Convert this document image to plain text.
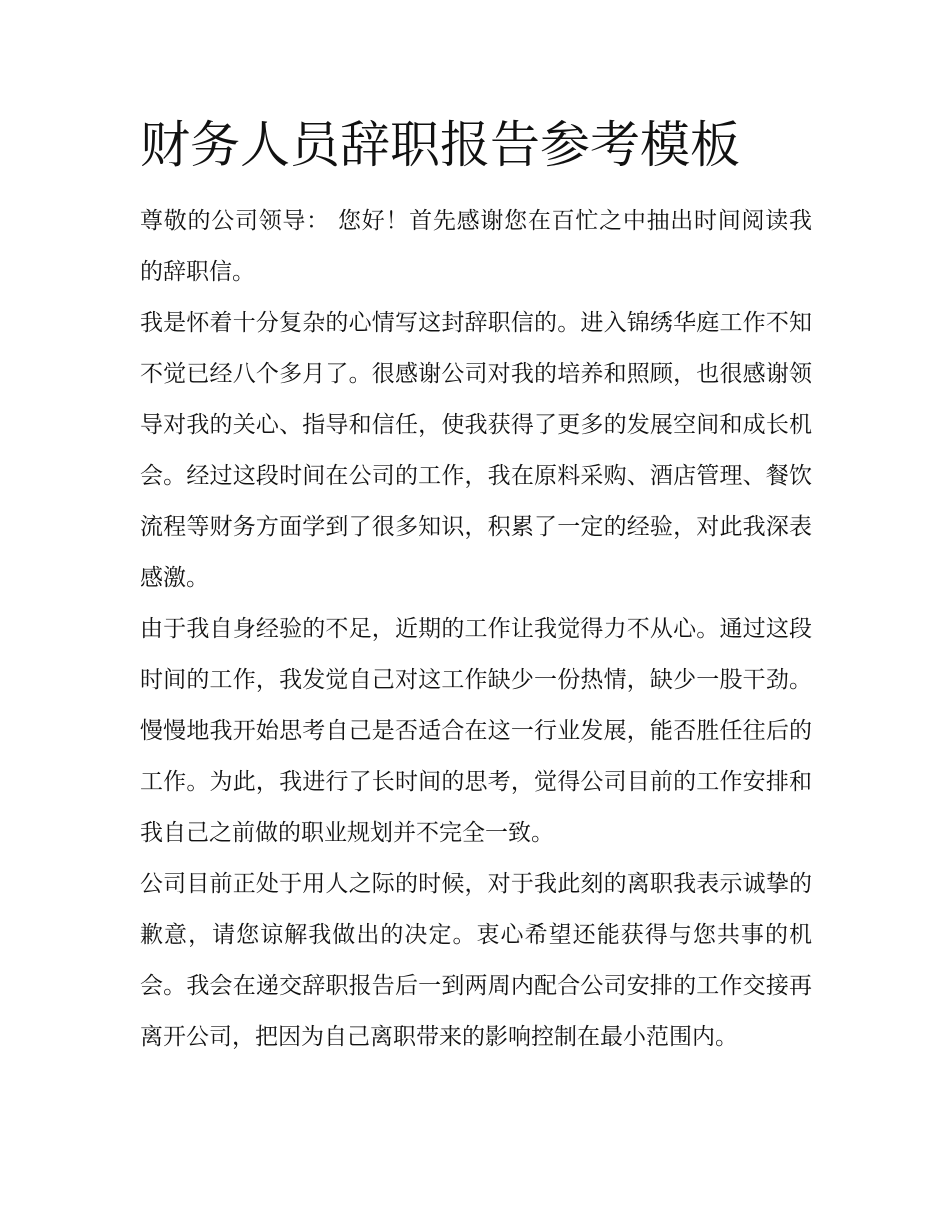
财务人员辞职报告参考模板

尊敬的公司领导： 您好！首先感谢您在百忙之中抽出时间阅读我的辞职信。

我是怀着十分复杂的心情写这封辞职信的。进入锦绣华庭工作不知不觉已经八个多月了。很感谢公司对我的培养和照顾，也很感谢领导对我的关心、指导和信任，使我获得了更多的发展空间和成长机会。经过这段时间在公司的工作，我在原料采购、酒店管理、餐饮流程等财务方面学到了很多知识，积累了一定的经验，对此我深表感激。

由于我自身经验的不足，近期的工作让我觉得力不从心。通过这段时间的工作，我发觉自己对这工作缺少一份热情，缺少一股干劲。慢慢地我开始思考自己是否适合在这一行业发展，能否胜任往后的工作。为此，我进行了长时间的思考，觉得公司目前的工作安排和我自己之前做的职业规划并不完全一致。

公司目前正处于用人之际的时候，对于我此刻的离职我表示诚挚的歉意，请您谅解我做出的决定。衷心希望还能获得与您共事的机会。我会在递交辞职报告后一到两周内配合公司安排的工作交接再离开公司，把因为自己离职带来的影响控制在最小范围内。
